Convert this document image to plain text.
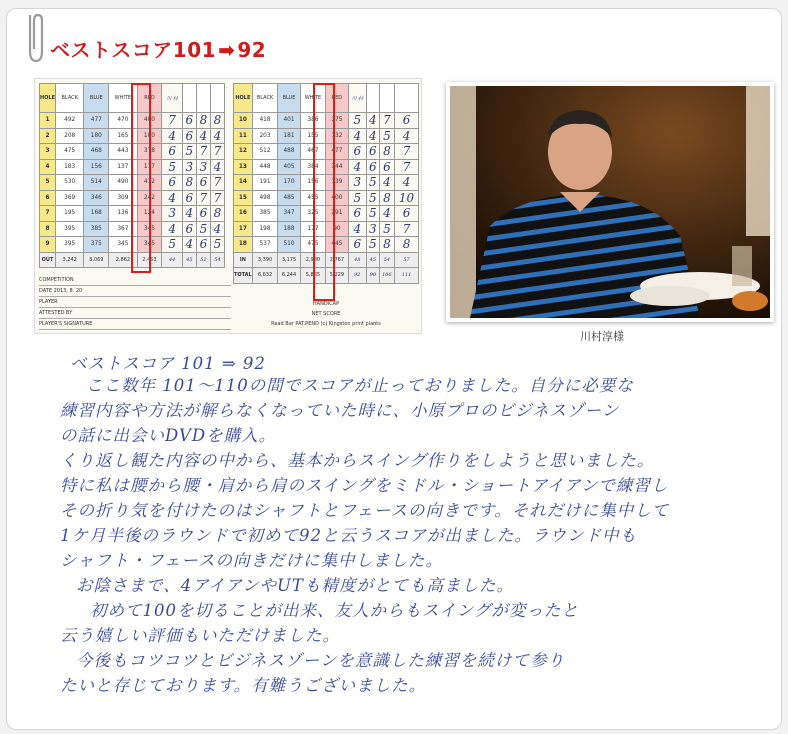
ベストスコア101 ➡ 92
HOLE	BLACK	BLUE	WHITE	RED	川 村			
1	492	477	470	400	7	6	8	8
2	208	180	165	100	4	6	4	4
3	475	468	443	378	6	5	7	7
4	183	156	137	117	5	3	3	4
5	530	514	490	412	6	8	6	7
6	369	346	309	242	4	6	7	7
7	195	168	136	124	3	4	6	8
8	395	385	367	345	4	6	5	4
9	395	375	345	345	5	4	6	5
OUT	3,242	3,069	2,862	2,463	44	45	52	54
HOLE	BLACK	BLUE	WHITE	RED	川 村			
10	418	401	386	375	5	4	7	6
11	203	181	155	132	4	4	5	4
12	512	488	467	477	6	6	8	7
13	448	405	384	344	4	6	6	7
14	191	170	156	139	3	5	4	4
15	498	485	455	400	5	5	8	10
16	385	347	325	291	6	5	4	6
17	198	188	177	90	4	3	5	7
18	537	510	475	445	6	5	8	8
IN	3,390	3,175	2,980	2,767	48	45	54	57
TOTAL	6,632	6,244	5,865	5,229	92	90	106	111
COMPETITION
DATE 2013. 8. 20
PLAYER
ATTESTED BY
PLAYER'S SIGNATURE
HANDICAP
NET SCORE
Read Bar PAT.PEND (c) Kingston print plants
川村淳様
ベストスコア 101 ⇒ 92
ここ数年 101～110の間でスコアが止っておりました。自分に必要な
練習内容や方法が解らなくなっていた時に、小原プロのビジネスゾーン
の話に出会いDVDを購入。
くり返し観た内容の中から、基本からスイング作りをしようと思いました。
特に私は腰から腰・肩から肩のスイングをミドル・ショートアイアンで練習し
その折り気を付けたのはシャフトとフェースの向きです。それだけに集中して
1ケ月半後のラウンドで初めて92と云うスコアが出ました。ラウンド中も
シャフト・フェースの向きだけに集中しました。
お陰さまで、4アイアンやUTも精度がとても高ました。
初めて100を切ることが出来、友人からもスイングが変ったと
云う嬉しい評価もいただけました。
今後もコツコツとビジネスゾーンを意識した練習を続けて参り
たいと存じております。有難うございました。
